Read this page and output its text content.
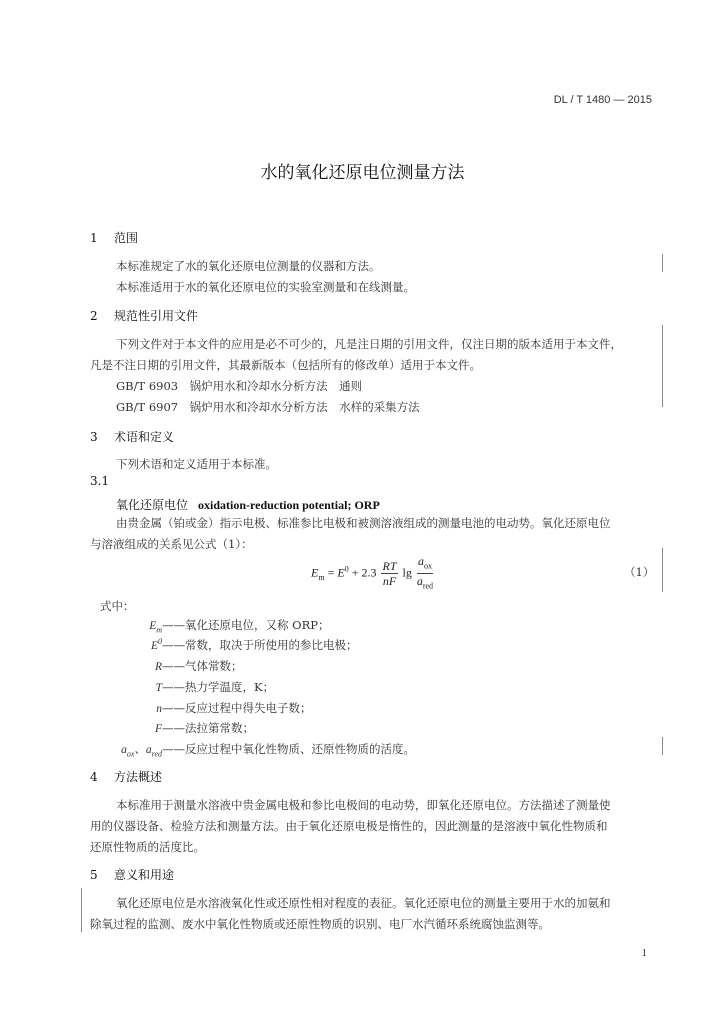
DL / T 1480 — 2015
水的氧化还原电位测量方法
1 范围
本标准规定了水的氧化还原电位测量的仪器和方法。
本标准适用于水的氧化还原电位的实验室测量和在线测量。
2 规范性引用文件
下列文件对于本文件的应用是必不可少的，凡是注日期的引用文件，仅注日期的版本适用于本文件，
凡是不注日期的引用文件，其最新版本（包括所有的修改单）适用于本文件。
GB/T 6903　 锅炉用水和冷却水分析方法　通则
GB/T 6907　 锅炉用水和冷却水分析方法　水样的采集方法
3 术语和定义
下列术语和定义适用于本标准。
3.1
氧化还原电位 oxidation-reduction potential; ORP
由贵金属（铂或金）指示电极、标准参比电极和被测溶液组成的测量电池的电动势。氧化还原电位
与溶液组成的关系见公式（1）：
$E_m = E^0 + 2.3 \frac{RT}{nF}$ $\lg \frac{a_{ox}}{a_{red}}$	（1）
式中：
$E_m——$氧化还原电位，又称 ORP；
$E^0——$常数，取决于所使用的参比电极；
R——气体常数；
T——热力学温度，K；
n——反应过程中得失电子数；
F——法拉第常数；
$a_{ox}$、$a_{red}——$反应过程中氧化性物质、还原性物质的活度。
4 方法概述
本标准用于测量水溶液中贵金属电极和参比电极间的电动势，即氧化还原电位。方法描述了测量使
用的仪器设备、检验方法和测量方法。由于氧化还原电极是惰性的，因此测量的是溶液中氧化性物质和
还原性物质的活度比。
5 意义和用途
氧化还原电位是水溶液氧化性或还原性相对程度的表征。氧化还原电位的测量主要用于水的加氨和
除氧过程的监测、废水中氧化性物质或还原性物质的识别、电厂水汽循环系统腐蚀监测等。
1
